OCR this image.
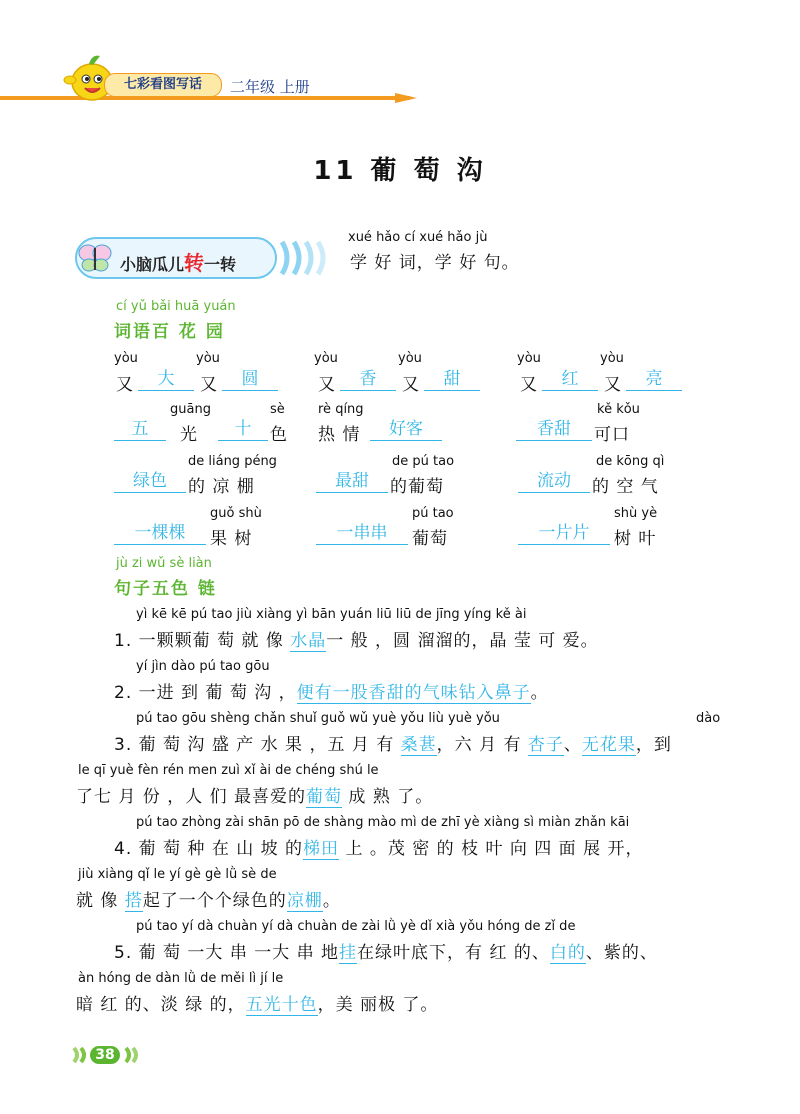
七彩看图写话	二年级 上册
11 葡 萄 沟
小脑瓜儿转一转
xué hǎo cí xué hǎo jù
学 好 词，学 好 句。
cí yǔ bǎi huā yuán
词语百 花 园
yòu	yòu	yòu	yòu	yòu	yòu
又	大	又	圆	又	香	又	甜	又	红	又	亮
guāng	sè	rè qíng	kě kǒu
五	光	十	色 热 情	好客	香甜	可口
de liáng péng	de pú tao	de kōng qì
绿色	的 凉 棚	最甜	的葡萄	流动	的 空 气
guǒ shù	pú tao	shù yè
一棵棵	果 树	一串串	葡萄	一片片	树 叶
jù zi wǔ sè liàn
句子五色 链
yì kē kē pú tao jiù xiàng yì bān yuán liū liū de jīng yíng kě ài
1. 一颗颗葡 萄 就 像 水晶一 般 ，圆 溜溜的，晶 莹 可 爱。
yí jìn dào pú tao gōu
2. 一进 到 葡 萄 沟 ，便有一股香甜的气味钻入鼻子。
pú tao gōu shèng chǎn shuǐ guǒ wǔ yuè yǒu liù yuè yǒu	dào
3. 葡 萄 沟 盛 产 水 果 ，五 月 有 桑葚，六 月 有 杏子、无花果，到
le qī yuè fèn rén men zuì xǐ ài de chéng shú le
了七 月 份 ，人 们 最喜爱的葡萄 成 熟 了。
pú tao zhòng zài shān pō de shàng mào mì de zhī yè xiàng sì miàn zhǎn kāi
4. 葡 萄 种 在 山 坡 的梯田 上 。茂 密 的 枝 叶 向 四 面 展 开，
jiù xiàng qǐ le yí gè gè lǜ sè de
就 像 搭起了一个个绿色的凉棚。
pú tao yí dà chuàn yí dà chuàn de zài lǜ yè dǐ xià yǒu hóng de zǐ de
5. 葡 萄 一大 串 一大 串 地挂在绿叶底下，有 红 的、白的、紫的、
àn hóng de dàn lǜ de měi lì jí le
暗 红 的、淡 绿 的，五光十色，美 丽极 了。
38
